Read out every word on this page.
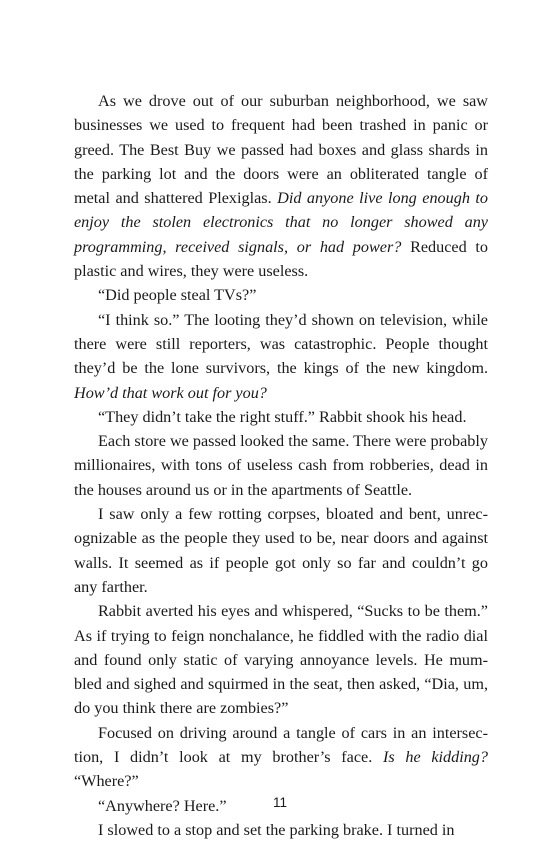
As we drove out of our suburban neighborhood, we saw businesses we used to frequent had been trashed in panic or greed. The Best Buy we passed had boxes and glass shards in the parking lot and the doors were an obliterated tangle of metal and shattered Plexiglas. Did anyone live long enough to enjoy the stolen electronics that no longer showed any programming, received signals, or had power? Reduced to plastic and wires, they were useless.

“Did people steal TVs?”

“I think so.” The looting they’d shown on television, while there were still reporters, was catastrophic. People thought they’d be the lone survivors, the kings of the new kingdom. How’d that work out for you?

“They didn’t take the right stuff.” Rabbit shook his head.

Each store we passed looked the same. There were probably millionaires, with tons of useless cash from robberies, dead in the houses around us or in the apartments of Seattle.

I saw only a few rotting corpses, bloated and bent, unrecognizable as the people they used to be, near doors and against walls. It seemed as if people got only so far and couldn’t go any farther.

Rabbit averted his eyes and whispered, “Sucks to be them.” As if trying to feign nonchalance, he fiddled with the radio dial and found only static of varying annoyance levels. He mumbled and sighed and squirmed in the seat, then asked, “Dia, um, do you think there are zombies?”

Focused on driving around a tangle of cars in an intersection, I didn’t look at my brother’s face. Is he kidding? “Where?”

“Anywhere? Here.”

I slowed to a stop and set the parking brake. I turned in

11
